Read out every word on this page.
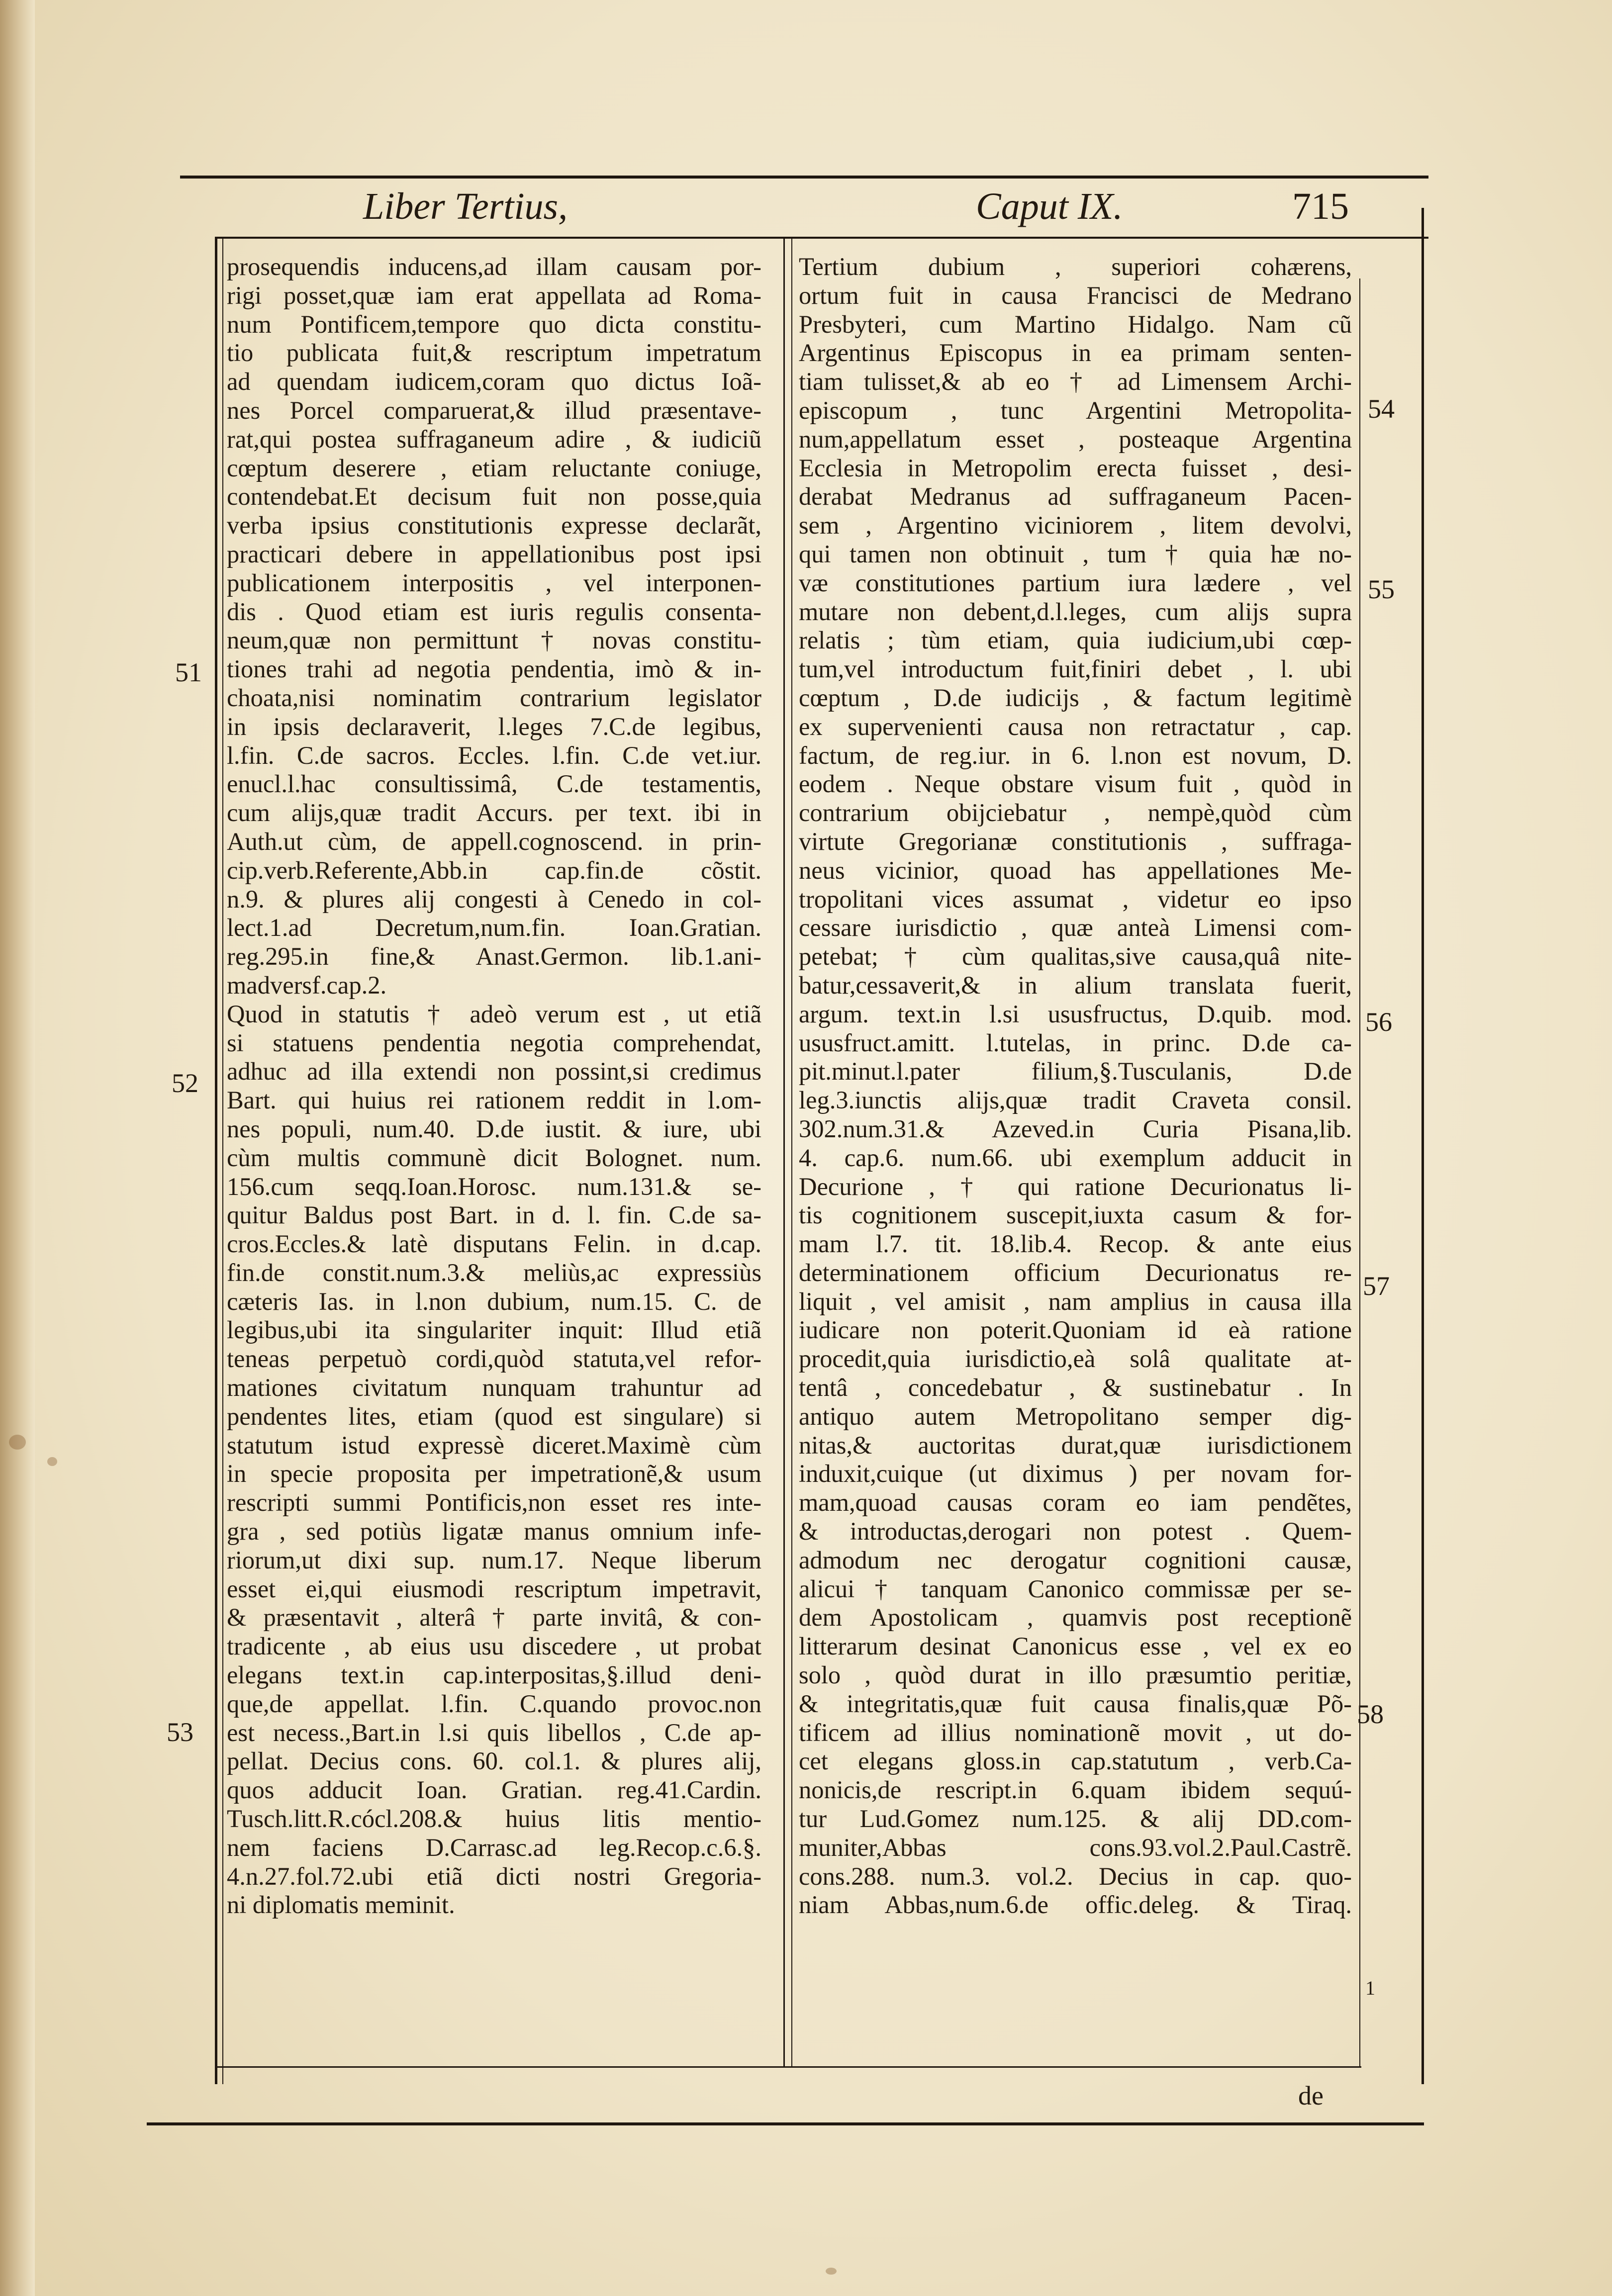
Liber Tertius,	Caput IX.	715
prosequendis inducens,ad illam causam por-
rigi posset,quæ iam erat appellata ad Roma-
num Pontificem,tempore quo dicta constitu-
tio publicata fuit,& rescriptum impetratum
ad quendam iudicem,coram quo dictus Ioã-
nes Porcel comparuerat,& illud præsentave-
rat,qui postea suffraganeum adire , & iudiciũ
cœptum deserere , etiam reluctante coniuge,
contendebat.Et decisum fuit non posse,quia
verba ipsius constitutionis expresse declarãt,
practicari debere in appellationibus post ipsi
publicationem interpositis , vel interponen-
dis . Quod etiam est iuris regulis consenta-
neum,quæ non permittunt † novas constitu-
tiones trahi ad negotia pendentia, imò & in-
choata,nisi nominatim contrarium legislator
in ipsis declaraverit, l.leges 7.C.de legibus,
l.fin. C.de sacros. Eccles. l.fin. C.de vet.iur.
enucl.l.hac consultissimâ, C.de testamentis,
cum alijs,quæ tradit Accurs. per text. ibi in
Auth.ut cùm, de appell.cognoscend. in prin-
cip.verb.Referente,Abb.in cap.fin.de cõstit.
n.9. & plures alij congesti à Cenedo in col-
lect.1.ad Decretum,num.fin. Ioan.Gratian.
reg.295.in fine,& Anast.Germon. lib.1.ani-
madversf.cap.2.
Quod in statutis † adeò verum est , ut etiã
si statuens pendentia negotia comprehendat,
adhuc ad illa extendi non possint,si credimus
Bart. qui huius rei rationem reddit in l.om-
nes populi, num.40. D.de iustit. & iure, ubi
cùm multis communè dicit Bolognet. num.
156.cum seqq.Ioan.Horosc. num.131.& se-
quitur Baldus post Bart. in d. l. fin. C.de sa-
cros.Eccles.& latè disputans Felin. in d.cap.
fin.de constit.num.3.& meliùs,ac expressiùs
cæteris Ias. in l.non dubium, num.15. C. de
legibus,ubi ita singulariter inquit: Illud etiã
teneas perpetuò cordi,quòd statuta,vel refor-
mationes civitatum nunquam trahuntur ad
pendentes lites, etiam (quod est singulare) si
statutum istud expressè diceret.Maximè cùm
in specie proposita per impetrationẽ,& usum
rescripti summi Pontificis,non esset res inte-
gra , sed potiùs ligatæ manus omnium infe-
riorum,ut dixi sup. num.17. Neque liberum
esset ei,qui eiusmodi rescriptum impetravit,
& præsentavit , alterâ † parte invitâ, & con-
tradicente , ab eius usu discedere , ut probat
elegans text.in cap.interpositas,§.illud deni-
que,de appellat. l.fin. C.quando provoc.non
est necess.,Bart.in l.si quis libellos , C.de ap-
pellat. Decius cons. 60. col.1. & plures alij,
quos adducit Ioan. Gratian. reg.41.Cardin.
Tusch.litt.R.cócl.208.& huius litis mentio-
nem faciens D.Carrasc.ad leg.Recop.c.6.§.
4.n.27.fol.72.ubi etiã dicti nostri Gregoria-
ni diplomatis meminit.
Tertium dubium , superiori cohærens,
ortum fuit in causa Francisci de Medrano
Presbyteri, cum Martino Hidalgo. Nam cũ
Argentinus Episcopus in ea primam senten-
tiam tulisset,& ab eo † ad Limensem Archi-
episcopum , tunc Argentini Metropolita-
num,appellatum esset , posteaque Argentina
Ecclesia in Metropolim erecta fuisset , desi-
derabat Medranus ad suffraganeum Pacen-
sem , Argentino viciniorem , litem devolvi,
qui tamen non obtinuit , tum † quia hæ no-
væ constitutiones partium iura lædere , vel
mutare non debent,d.l.leges, cum alijs supra
relatis ; tùm etiam, quia iudicium,ubi cœp-
tum,vel introductum fuit,finiri debet , l. ubi
cœptum , D.de iudicijs , & factum legitimè
ex supervenienti causa non retractatur , cap.
factum, de reg.iur. in 6. l.non est novum, D.
eodem . Neque obstare visum fuit , quòd in
contrarium obijciebatur , nempè,quòd cùm
virtute Gregorianæ constitutionis , suffraga-
neus vicinior, quoad has appellationes Me-
tropolitani vices assumat , videtur eo ipso
cessare iurisdictio , quæ anteà Limensi com-
petebat; † cùm qualitas,sive causa,quâ nite-
batur,cessaverit,& in alium translata fuerit,
argum. text.in l.si ususfructus, D.quib. mod.
ususfruct.amitt. l.tutelas, in princ. D.de ca-
pit.minut.l.pater filium,§.Tusculanis, D.de
leg.3.iunctis alijs,quæ tradit Craveta consil.
302.num.31.& Azeved.in Curia Pisana,lib.
4. cap.6. num.66. ubi exemplum adducit in
Decurione , † qui ratione Decurionatus li-
tis cognitionem suscepit,iuxta casum & for-
mam l.7. tit. 18.lib.4. Recop. & ante eius
determinationem officium Decurionatus re-
liquit , vel amisit , nam amplius in causa illa
iudicare non poterit.Quoniam id eà ratione
procedit,quia iurisdictio,eà solâ qualitate at-
tentâ , concedebatur , & sustinebatur . In
antiquo autem Metropolitano semper dig-
nitas,& auctoritas durat,quæ iurisdictionem
induxit,cuique (ut diximus ) per novam for-
mam,quoad causas coram eo iam pendẽtes,
& introductas,derogari non potest . Quem-
admodum nec derogatur cognitioni causæ,
alicui † tanquam Canonico commissæ per se-
dem Apostolicam , quamvis post receptionẽ
litterarum desinat Canonicus esse , vel ex eo
solo , quòd durat in illo præsumtio peritiæ,
& integritatis,quæ fuit causa finalis,quæ Põ-
tificem ad illius nominationẽ movit , ut do-
cet elegans gloss.in cap.statutum , verb.Ca-
nonicis,de rescript.in 6.quam ibidem sequú-
tur Lud.Gomez num.125. & alij DD.com-
muniter,Abbas cons.93.vol.2.Paul.Castrẽ.
cons.288. num.3. vol.2. Decius in cap. quo-
niam Abbas,num.6.de offic.deleg. & Tiraq.
51
52
53
54
55
56
57
58
1
de
